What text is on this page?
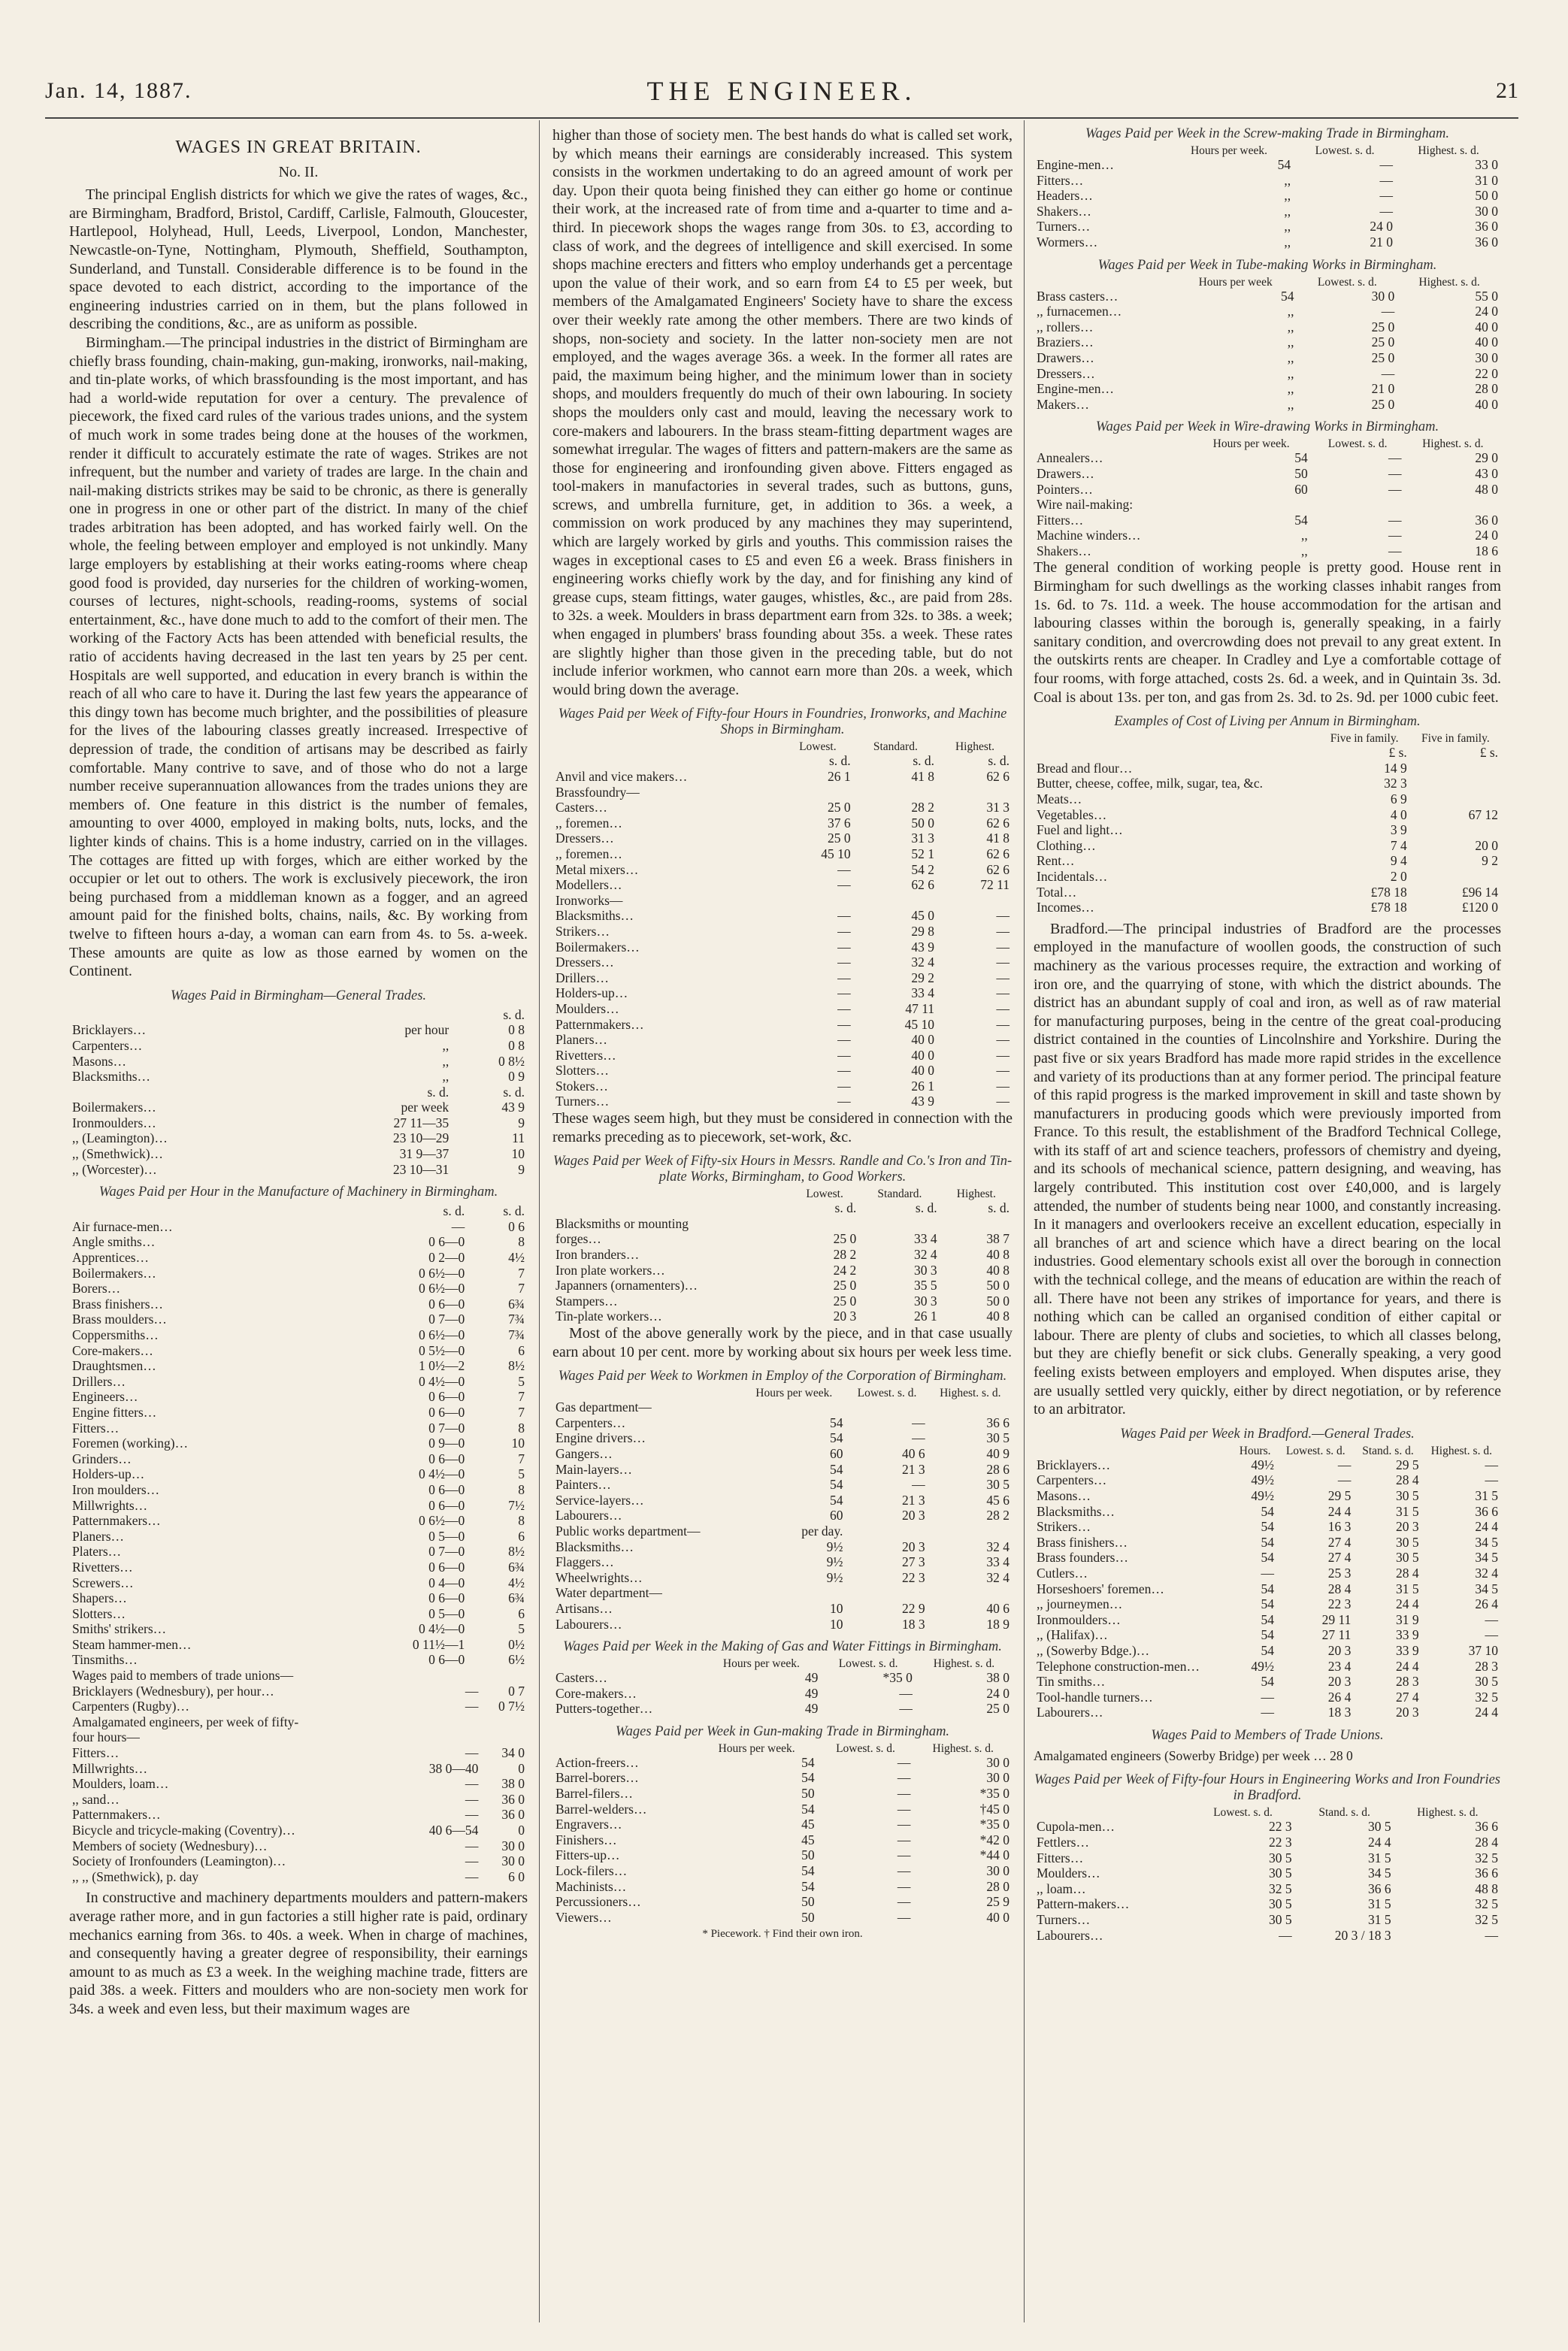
Jan. 14, 1887.	THE ENGINEER.	21
WAGES IN GREAT BRITAIN.
No. II.

The principal English districts for which we give the rates of wages, &c., are Birmingham, Bradford, Bristol, Cardiff, Carlisle, Falmouth, Gloucester, Hartlepool, Holyhead, Hull, Leeds, Liverpool, London, Manchester, Newcastle-on-Tyne, Nottingham, Plymouth, Sheffield, Southampton, Sunderland, and Tunstall. Considerable difference is to be found in the space devoted to each district, according to the importance of the engineering industries carried on in them, but the plans followed in describing the conditions, &c., are as uniform as possible.

Birmingham.—The principal industries in the district of Birmingham are chiefly brass founding, chain-making, gun-making, ironworks, nail-making, and tin-plate works, of which brassfounding is the most important, and has had a world-wide reputation for over a century. The prevalence of piecework, the fixed card rules of the various trades unions, and the system of much work in some trades being done at the houses of the workmen, render it difficult to accurately estimate the rate of wages. Strikes are not infrequent, but the number and variety of trades are large. In the chain and nail-making districts strikes may be said to be chronic, as there is generally one in progress in one or other part of the district. In many of the chief trades arbitration has been adopted, and has worked fairly well. On the whole, the feeling between employer and employed is not unkindly. Many large employers by establishing at their works eating-rooms where cheap good food is provided, day nurseries for the children of working-women, courses of lectures, night-schools, reading-rooms, systems of social entertainment, &c., have done much to add to the comfort of their men. The working of the Factory Acts has been attended with beneficial results, the ratio of accidents having decreased in the last ten years by 25 per cent. Hospitals are well supported, and education in every branch is within the reach of all who care to have it. During the last few years the appearance of this dingy town has become much brighter, and the possibilities of pleasure for the lives of the labouring classes greatly increased. Irrespective of depression of trade, the condition of artisans may be described as fairly comfortable. Many contrive to save, and of those who do not a large number receive superannuation allowances from the trades unions they are members of. One feature in this district is the number of females, amounting to over 4000, employed in making bolts, nuts, locks, and the lighter kinds of chains. This is a home industry, carried on in the villages. The cottages are fitted up with forges, which are either worked by the occupier or let out to others. The work is exclusively piecework, the iron being purchased from a middleman known as a fogger, and an agreed amount paid for the finished bolts, chains, nails, &c. By working from twelve to fifteen hours a-day, a woman can earn from 4s. to 5s. a-week. These amounts are quite as low as those earned by women on the Continent.

Wages Paid in Birmingham—General Trades.
		s. d.
Bricklayers…	per hour	0 8
Carpenters…	,,	0 8
Masons…	,,	0 8½
Blacksmiths…	,,	0 9
	s. d.	s. d.
Boilermakers…	per week	43 9
Ironmoulders…	27 11—35	9
,, (Leamington)…	23 10—29	11
,, (Smethwick)…	31 9—37	10
,, (Worcester)…	23 10—31	9
Wages Paid per Hour in the Manufacture of Machinery in Birmingham.
	s. d.	s. d.
Air furnace-men…	—	0 6
Angle smiths…	0 6—0	8
Apprentices…	0 2—0	4½
Boilermakers…	0 6½—0	7
Borers…	0 6½—0	7
Brass finishers…	0 6—0	6¾
Brass moulders…	0 7—0	7¾
Coppersmiths…	0 6½—0	7¾
Core-makers…	0 5½—0	6
Draughtsmen…	1 0½—2	8½
Drillers…	0 4½—0	5
Engineers…	0 6—0	7
Engine fitters…	0 6—0	7
Fitters…	0 7—0	8
Foremen (working)…	0 9—0	10
Grinders…	0 6—0	7
Holders-up…	0 4½—0	5
Iron moulders…	0 6—0	8
Millwrights…	0 6—0	7½
Patternmakers…	0 6½—0	8
Planers…	0 5—0	6
Platers…	0 7—0	8½
Rivetters…	0 6—0	6¾
Screwers…	0 4—0	4½
Shapers…	0 6—0	6¾
Slotters…	0 5—0	6
Smiths' strikers…	0 4½—0	5
Steam hammer-men…	0 11½—1	0½
Tinsmiths…	0 6—0	6½
Wages paid to members of trade unions—		
Bricklayers (Wednesbury), per hour…	—	0 7
Carpenters (Rugby)…	—	0 7½
Amalgamated engineers, per week of fifty-		
four hours—		
Fitters…	—	34 0
Millwrights…	38 0—40	0
Moulders, loam…	—	38 0
,, sand…	—	36 0
Patternmakers…	—	36 0
Bicycle and tricycle-making (Coventry)…	40 6—54	0
Members of society (Wednesbury)…	—	30 0
Society of Ironfounders (Leamington)…	—	30 0
,, ,, (Smethwick), p. day	—	6 0

In constructive and machinery departments moulders and pattern-makers average rather more, and in gun factories a still higher rate is paid, ordinary mechanics earning from 36s. to 40s. a week. When in charge of machines, and consequently having a greater degree of responsibility, their earnings amount to as much as £3 a week. In the weighing machine trade, fitters are paid 38s. a week. Fitters and moulders who are non-society men work for 34s. a week and even less, but their maximum wages are

higher than those of society men. The best hands do what is called set work, by which means their earnings are considerably increased. This system consists in the workmen undertaking to do an agreed amount of work per day. Upon their quota being finished they can either go home or continue their work, at the increased rate of from time and a-quarter to time and a-third. In piecework shops the wages range from 30s. to £3, according to class of work, and the degrees of intelligence and skill exercised. In some shops machine erecters and fitters who employ underhands get a percentage upon the value of their work, and so earn from £4 to £5 per week, but members of the Amalgamated Engineers' Society have to share the excess over their weekly rate among the other members. There are two kinds of shops, non-society and society. In the latter non-society men are not employed, and the wages average 36s. a week. In the former all rates are paid, the maximum being higher, and the minimum lower than in society shops, and moulders frequently do much of their own labouring. In society shops the moulders only cast and mould, leaving the necessary work to core-makers and labourers. In the brass steam-fitting department wages are somewhat irregular. The wages of fitters and pattern-makers are the same as those for engineering and ironfounding given above. Fitters engaged as tool-makers in manufactories in several trades, such as buttons, guns, screws, and umbrella furniture, get, in addition to 36s. a week, a commission on work produced by any machines they may superintend, which are largely worked by girls and youths. This commission raises the wages in exceptional cases to £5 and even £6 a week. Brass finishers in engineering works chiefly work by the day, and for finishing any kind of grease cups, steam fittings, water gauges, whistles, &c., are paid from 28s. to 32s. a week. Moulders in brass department earn from 32s. to 38s. a week; when engaged in plumbers' brass founding about 35s. a week. These rates are slightly higher than those given in the preceding table, but do not include inferior workmen, who cannot earn more than 20s. a week, which would bring down the average.

Wages Paid per Week of Fifty-four Hours in Foundries, Ironworks, and Machine Shops in Birmingham.
	Lowest.	Standard.	Highest.
	s. d.	s. d.	s. d.
Anvil and vice makers…	26 1	41 8	62 6
Brassfoundry—			
Casters…	25 0	28 2	31 3
,, foremen…	37 6	50 0	62 6
Dressers…	25 0	31 3	41 8
,, foremen…	45 10	52 1	62 6
Metal mixers…	—	54 2	62 6
Modellers…	—	62 6	72 11
Ironworks—			
Blacksmiths…	—	45 0	—
Strikers…	—	29 8	—
Boilermakers…	—	43 9	—
Dressers…	—	32 4	—
Drillers…	—	29 2	—
Holders-up…	—	33 4	—
Moulders…	—	47 11	—
Patternmakers…	—	45 10	—
Planers…	—	40 0	—
Rivetters…	—	40 0	—
Slotters…	—	40 0	—
Stokers…	—	26 1	—
Turners…	—	43 9	—

These wages seem high, but they must be considered in connection with the remarks preceding as to piecework, set-work, &c.

Wages Paid per Week of Fifty-six Hours in Messrs. Randle and Co.'s Iron and Tin-plate Works, Birmingham, to Good Workers.
	Lowest.	Standard.	Highest.
	s. d.	s. d.	s. d.
Blacksmiths or mounting			
forges…	25 0	33 4	38 7
Iron branders…	28 2	32 4	40 8
Iron plate workers…	24 2	30 3	40 8
Japanners (ornamenters)…	25 0	35 5	50 0
Stampers…	25 0	30 3	50 0
Tin-plate workers…	20 3	26 1	40 8

Most of the above generally work by the piece, and in that case usually earn about 10 per cent. more by working about six hours per week less time.

Wages Paid per Week to Workmen in Employ of the Corporation of Birmingham.
	Hours per week.	Lowest. s. d.	Highest. s. d.
Gas department—			
Carpenters…	54	—	36 6
Engine drivers…	54	—	30 5
Gangers…	60	40 6	40 9
Main-layers…	54	21 3	28 6
Painters…	54	—	30 5
Service-layers…	54	21 3	45 6
Labourers…	60	20 3	28 2
Public works department—	per day.		
Blacksmiths…	9½	20 3	32 4
Flaggers…	9½	27 3	33 4
Wheelwrights…	9½	22 3	32 4
Water department—			
Artisans…	10	22 9	40 6
Labourers…	10	18 3	18 9
Wages Paid per Week in the Making of Gas and Water Fittings in Birmingham.
	Hours per week.	Lowest. s. d.	Highest. s. d.
Casters…	49	*35 0	38 0
Core-makers…	49	—	24 0
Putters-together…	49	—	25 0
Wages Paid per Week in Gun-making Trade in Birmingham.
	Hours per week.	Lowest. s. d.	Highest. s. d.
Action-freers…	54	—	30 0
Barrel-borers…	54	—	30 0
Barrel-filers…	50	—	*35 0
Barrel-welders…	54	—	†45 0
Engravers…	45	—	*35 0
Finishers…	45	—	*42 0
Fitters-up…	50	—	*44 0
Lock-filers…	54	—	30 0
Machinists…	54	—	28 0
Percussioners…	50	—	25 9
Viewers…	50	—	40 0
* Piecework. † Find their own iron.
Wages Paid per Week in the Screw-making Trade in Birmingham.
	Hours per week.	Lowest. s. d.	Highest. s. d.
Engine-men…	54	—	33 0
Fitters…	,,	—	31 0
Headers…	,,	—	50 0
Shakers…	,,	—	30 0
Turners…	,,	24 0	36 0
Wormers…	,,	21 0	36 0
Wages Paid per Week in Tube-making Works in Birmingham.
	Hours per week	Lowest. s. d.	Highest. s. d.
Brass casters…	54	30 0	55 0
,, furnacemen…	,,	—	24 0
,, rollers…	,,	25 0	40 0
Braziers…	,,	25 0	40 0
Drawers…	,,	25 0	30 0
Dressers…	,,	—	22 0
Engine-men…	,,	21 0	28 0
Makers…	,,	25 0	40 0
Wages Paid per Week in Wire-drawing Works in Birmingham.
	Hours per week.	Lowest. s. d.	Highest. s. d.
Annealers…	54	—	29 0
Drawers…	50	—	43 0
Pointers…	60	—	48 0
Wire nail-making:			
Fitters…	54	—	36 0
Machine winders…	,,	—	24 0
Shakers…	,,	—	18 6

The general condition of working people is pretty good. House rent in Birmingham for such dwellings as the working classes inhabit ranges from 1s. 6d. to 7s. 11d. a week. The house accommodation for the artisan and labouring classes within the borough is, generally speaking, in a fairly sanitary condition, and overcrowding does not prevail to any great extent. In the outskirts rents are cheaper. In Cradley and Lye a comfortable cottage of four rooms, with forge attached, costs 2s. 6d. a week, and in Quintain 3s. 3d. Coal is about 13s. per ton, and gas from 2s. 3d. to 2s. 9d. per 1000 cubic feet.

Examples of Cost of Living per Annum in Birmingham.
	Five in family.	Five in family.
	£ s.	£ s.
Bread and flour…	14 9	
Butter, cheese, coffee, milk, sugar, tea, &c.	32 3	
Meats…	6 9	
Vegetables…	4 0	67 12
Fuel and light…	3 9	
Clothing…	7 4	20 0
Rent…	9 4	9 2
Incidentals…	2 0	

Total…	£78 18	£96 14

Incomes…	£78 18	£120 0

Bradford.—The principal industries of Bradford are the processes employed in the manufacture of woollen goods, the construction of such machinery as the various processes require, the extraction and working of iron ore, and the quarrying of stone, with which the district abounds. The district has an abundant supply of coal and iron, as well as of raw material for manufacturing purposes, being in the centre of the great coal-producing district contained in the counties of Lincolnshire and Yorkshire. During the past five or six years Bradford has made more rapid strides in the excellence and variety of its productions than at any former period. The principal feature of this rapid progress is the marked improvement in skill and taste shown by manufacturers in producing goods which were previously imported from France. To this result, the establishment of the Bradford Technical College, with its staff of art and science teachers, professors of chemistry and dyeing, and its schools of mechanical science, pattern designing, and weaving, has largely contributed. This institution cost over £40,000, and is largely attended, the number of students being near 1000, and constantly increasing. In it managers and overlookers receive an excellent education, especially in all branches of art and science which have a direct bearing on the local industries. Good elementary schools exist all over the borough in connection with the technical college, and the means of education are within the reach of all. There have not been any strikes of importance for years, and there is nothing which can be called an organised condition of either capital or labour. There are plenty of clubs and societies, to which all classes belong, but they are chiefly benefit or sick clubs. Generally speaking, a very good feeling exists between employers and employed. When disputes arise, they are usually settled very quickly, either by direct negotiation, or by reference to an arbitrator.

Wages Paid per Week in Bradford.—General Trades.
	Hours.	Lowest. s. d.	Stand. s. d.	Highest. s. d.
Bricklayers…	49½	—	29 5	—
Carpenters…	49½	—	28 4	—
Masons…	49½	29 5	30 5	31 5
Blacksmiths…	54	24 4	31 5	36 6
Strikers…	54	16 3	20 3	24 4
Brass finishers…	54	27 4	30 5	34 5
Brass founders…	54	27 4	30 5	34 5
Cutlers…	—	25 3	28 4	32 4
Horseshoers' foremen…	54	28 4	31 5	34 5
,, journeymen…	54	22 3	24 4	26 4
Ironmoulders…	54	29 11	31 9	—
,, (Halifax)…	54	27 11	33 9	—
,, (Sowerby Bdge.)…	54	20 3	33 9	37 10
Telephone construction-men…	49½	23 4	24 4	28 3
Tin smiths…	54	20 3	28 3	30 5
Tool-handle turners…	—	26 4	27 4	32 5
Labourers…	—	18 3	20 3	24 4
Wages Paid to Members of Trade Unions.
Amalgamated engineers (Sowerby Bridge) per week … 28 0
Wages Paid per Week of Fifty-four Hours in Engineering Works and Iron Foundries in Bradford.
	Lowest. s. d.	Stand. s. d.	Highest. s. d.
Cupola-men…	22 3	30 5	36 6
Fettlers…	22 3	24 4	28 4
Fitters…	30 5	31 5	32 5
Moulders…	30 5	34 5	36 6
,, loam…	32 5	36 6	48 8
Pattern-makers…	30 5	31 5	32 5
Turners…	30 5	31 5	32 5
Labourers…	—	20 3 / 18 3	—
